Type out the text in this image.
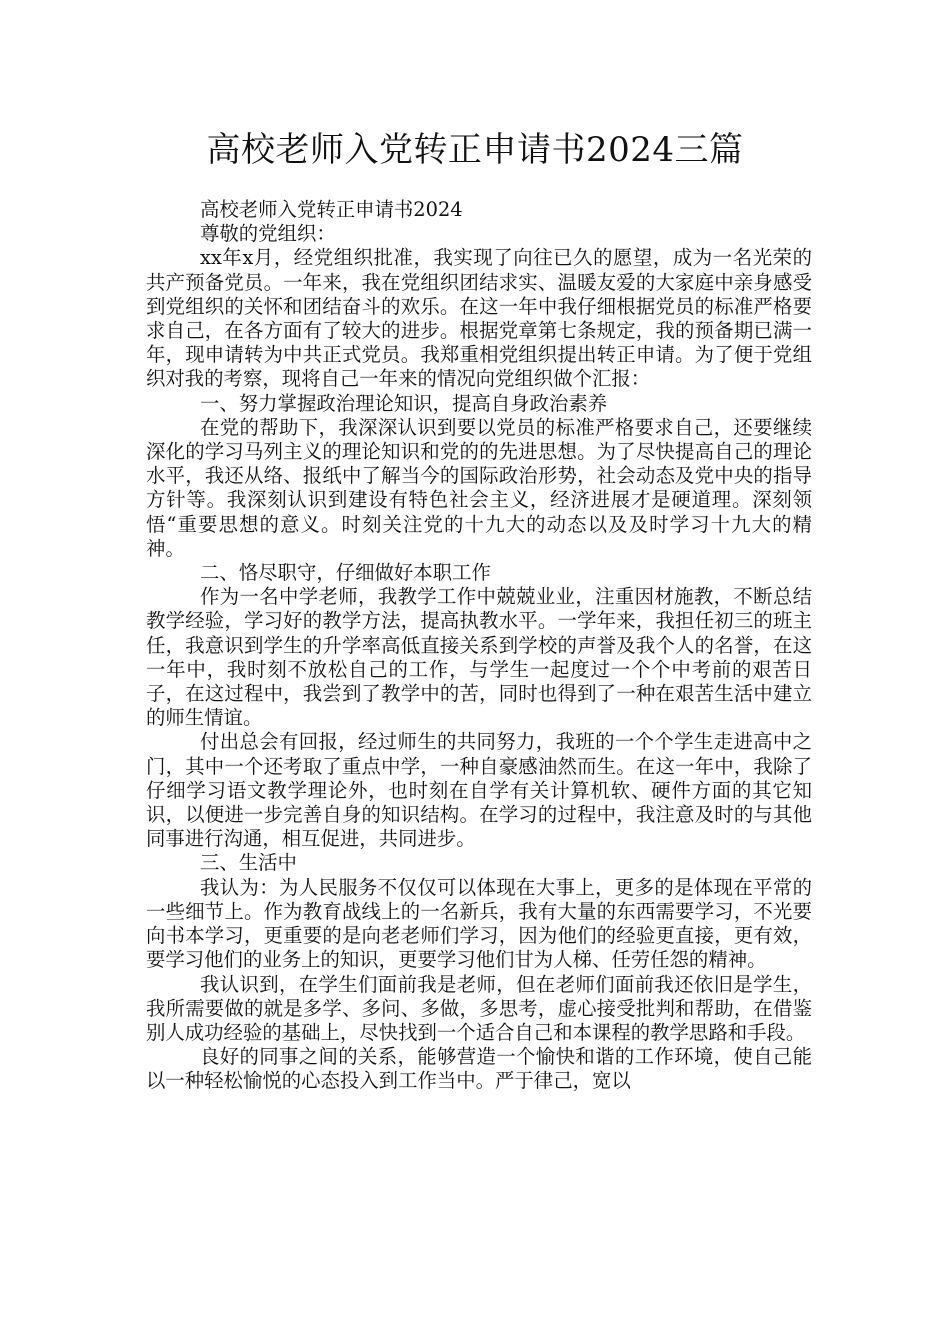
高校老师入党转正申请书2024三篇

高校老师入党转正申请书2024

尊敬的党组织：

xx年x月，经党组织批准，我实现了向往已久的愿望，成为一名光荣的共产预备党员。一年来，我在党组织团结求实、温暖友爱的大家庭中亲身感受到党组织的关怀和团结奋斗的欢乐。在这一年中我仔细根据党员的标准严格要求自己，在各方面有了较大的进步。根据党章第七条规定，我的预备期已满一年，现申请转为中共正式党员。我郑重相党组织提出转正申请。为了便于党组织对我的考察，现将自己一年来的情况向党组织做个汇报：

一、努力掌握政治理论知识，提高自身政治素养

在党的帮助下，我深深认识到要以党员的标准严格要求自己，还要继续深化的学习马列主义的理论知识和党的的先进思想。为了尽快提高自己的理论水平，我还从络、报纸中了解当今的国际政治形势，社会动态及党中央的指导方针等。我深刻认识到建设有特色社会主义，经济进展才是硬道理。深刻领悟“重要思想的意义。时刻关注党的十九大的动态以及及时学习十九大的精神。

二、恪尽职守，仔细做好本职工作

作为一名中学老师，我教学工作中兢兢业业，注重因材施教，不断总结教学经验，学习好的教学方法，提高执教水平。一学年来，我担任初三的班主任，我意识到学生的升学率高低直接关系到学校的声誉及我个人的名誉，在这一年中，我时刻不放松自己的工作，与学生一起度过一个个中考前的艰苦日子，在这过程中，我尝到了教学中的苦，同时也得到了一种在艰苦生活中建立的师生情谊。

付出总会有回报，经过师生的共同努力，我班的一个个学生走进高中之门，其中一个还考取了重点中学，一种自豪感油然而生。在这一年中，我除了仔细学习语文教学理论外，也时刻在自学有关计算机软、硬件方面的其它知识，以便进一步完善自身的知识结构。在学习的过程中，我注意及时的与其他同事进行沟通，相互促进，共同进步。

三、生活中

我认为：为人民服务不仅仅可以体现在大事上，更多的是体现在平常的一些细节上。作为教育战线上的一名新兵，我有大量的东西需要学习，不光要向书本学习，更重要的是向老老师们学习，因为他们的经验更直接，更有效，要学习他们的业务上的知识，更要学习他们甘为人梯、任劳任怨的精神。

我认识到，在学生们面前我是老师，但在老师们面前我还依旧是学生，我所需要做的就是多学、多问、多做，多思考，虚心接受批判和帮助，在借鉴别人成功经验的基础上，尽快找到一个适合自己和本课程的教学思路和手段。

良好的同事之间的关系，能够营造一个愉快和谐的工作环境，使自己能以一种轻松愉悦的心态投入到工作当中。严于律己，宽以
